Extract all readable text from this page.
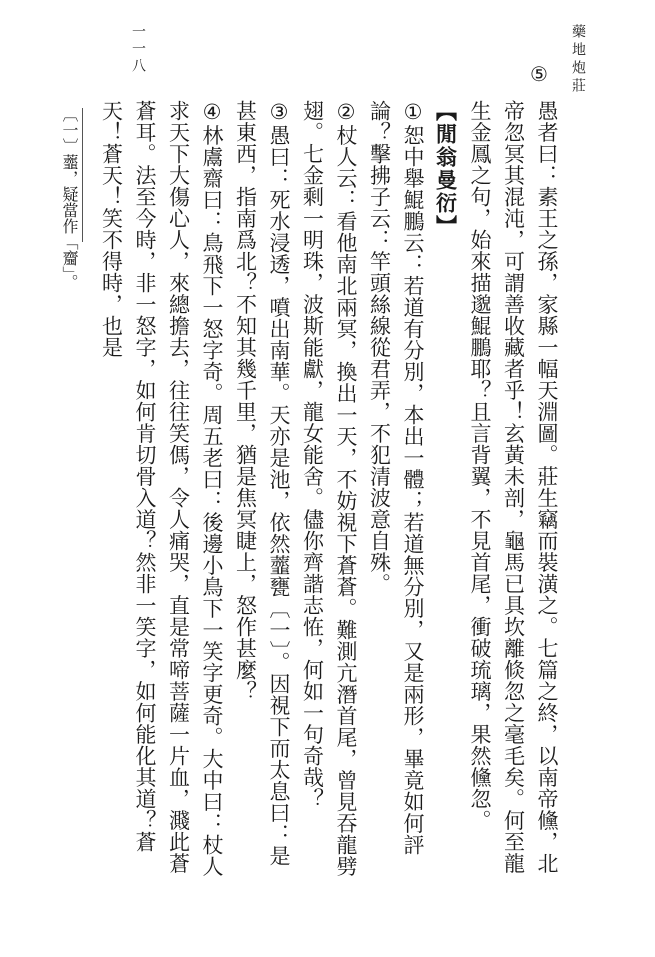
藥地炮莊
一一八	⑤

愚者曰：素王之孫，家縣一幅天淵圖。莊生竊而裝潢之。七篇之終，以南帝儵，北帝忽冥其混沌，可謂善收藏者乎！玄黃未剖，龜馬已具坎離倐忽之毫毛矣。何至龍生金鳳之句，始來描邈鯤鵬耶？且言背翼，不見首尾，衝破琉璃，果然儵忽。

【閒翁曼衍】

①恕中舉鯤鵬云：若道有分別，本出一體；若道無分別，又是兩形，畢竟如何評論？擊拂子云：竿頭絲線從君弄，不犯清波意自殊。

②杖人云：看他南北兩冥，換出一天，不妨視下蒼蒼。難測亢潛首尾，曾見吞龍劈翅。七金剩一明珠，波斯能獻，龍女能舍。儘你齊諧志恠，何如一句奇哉？

③愚曰：死水浸透，噴出南華。天亦是池，依然虀甕〔一〕。因視下而太息曰：是甚東西，指南爲北？不知其幾千里，猶是焦冥睫上，怒作甚麼？

④林鬳齋曰：鳥飛下一怒字奇。周五老曰：後邊小鳥下一笑字更奇。大中曰：杖人求天下大傷心人，來總擔去，往往笑傌，令人痛哭，直是常啼菩薩一片血，濺此蒼蒼耳。法至今時，非一怒字，如何肯切骨入道？然非一笑字，如何能化其道？蒼天！蒼天！笑不得時，也是

〔一〕虀，疑當作「齏」。
